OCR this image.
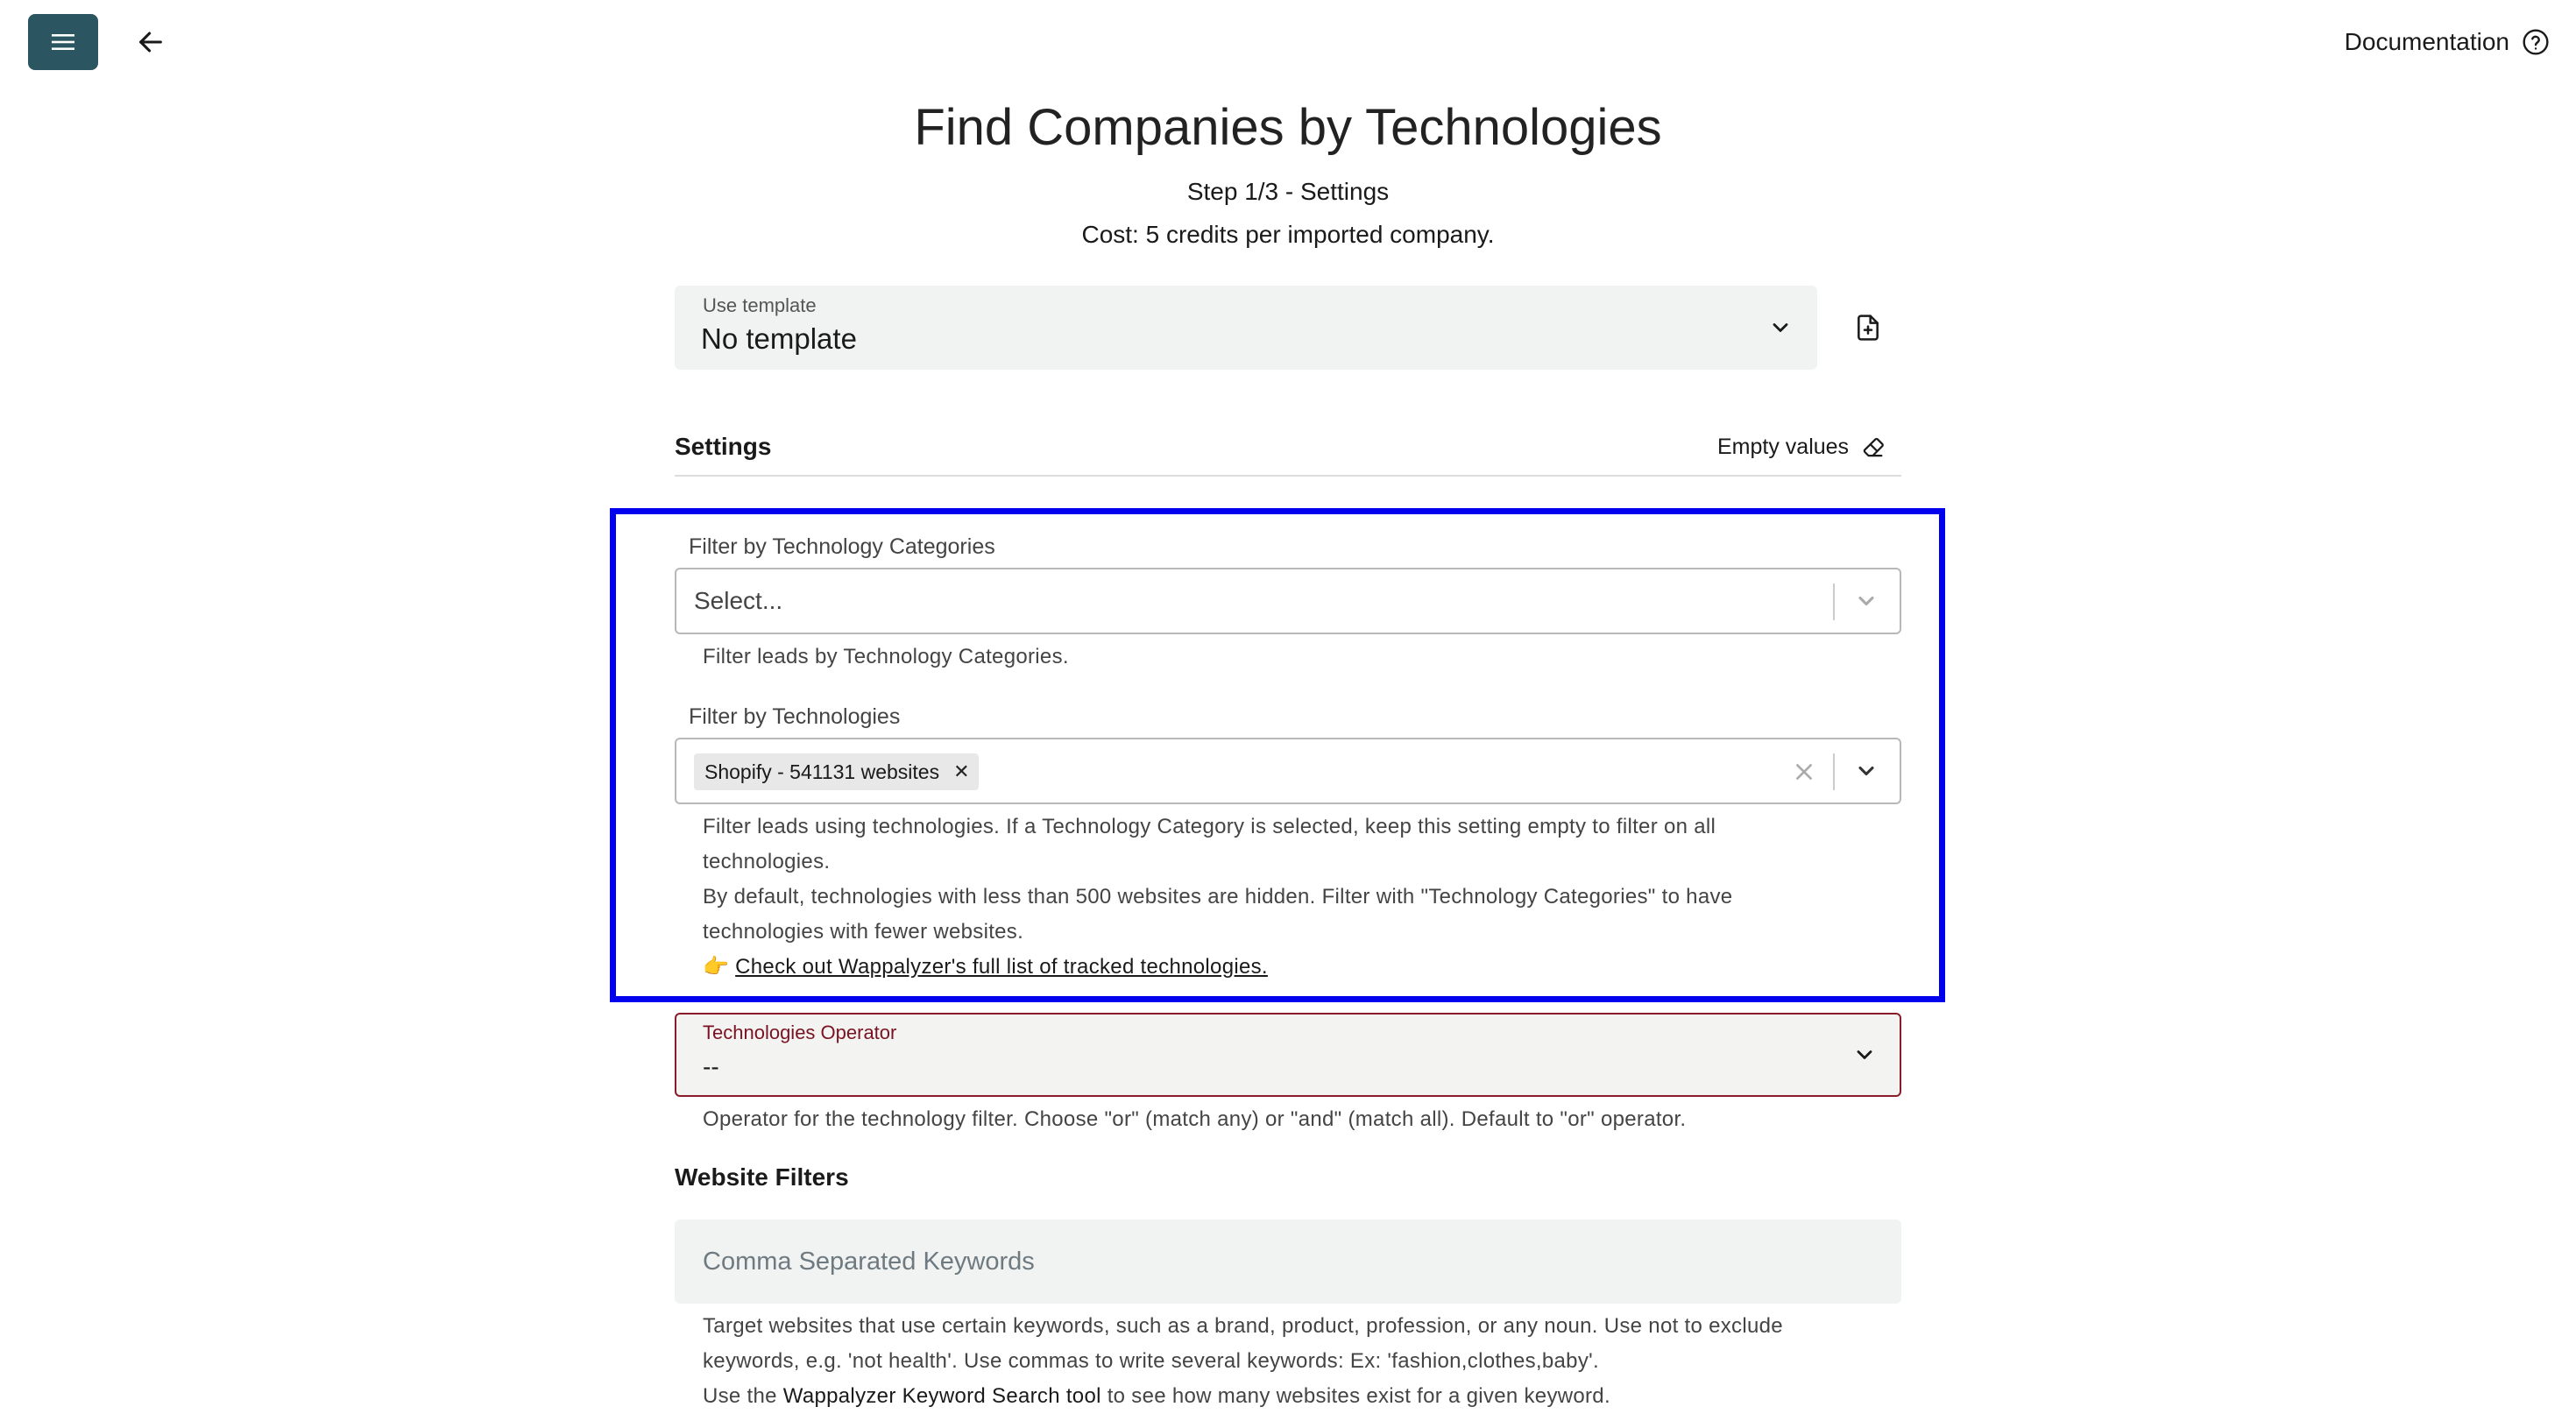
Documentation
Find Companies by Technologies
Step 1/3 - Settings
Cost: 5 credits per imported company.
Use template
No template
Settings	Empty values
Filter by Technology Categories
Select...
Filter leads by Technology Categories.
Filter by Technologies
Shopify - 541131 websites ✕
Filter leads using technologies. If a Technology Category is selected, keep this setting empty to filter on all
technologies.
By default, technologies with less than 500 websites are hidden. Filter with "Technology Categories" to have
technologies with fewer websites.
👉 Check out Wappalyzer's full list of tracked technologies.
Technologies Operator
--
Operator for the technology filter. Choose "or" (match any) or "and" (match all). Default to "or" operator.
Website Filters
Comma Separated Keywords
Target websites that use certain keywords, such as a brand, product, profession, or any noun. Use not to exclude
keywords, e.g. 'not health'. Use commas to write several keywords: Ex: 'fashion,clothes,baby'.
Use the Wappalyzer Keyword Search tool to see how many websites exist for a given keyword.
